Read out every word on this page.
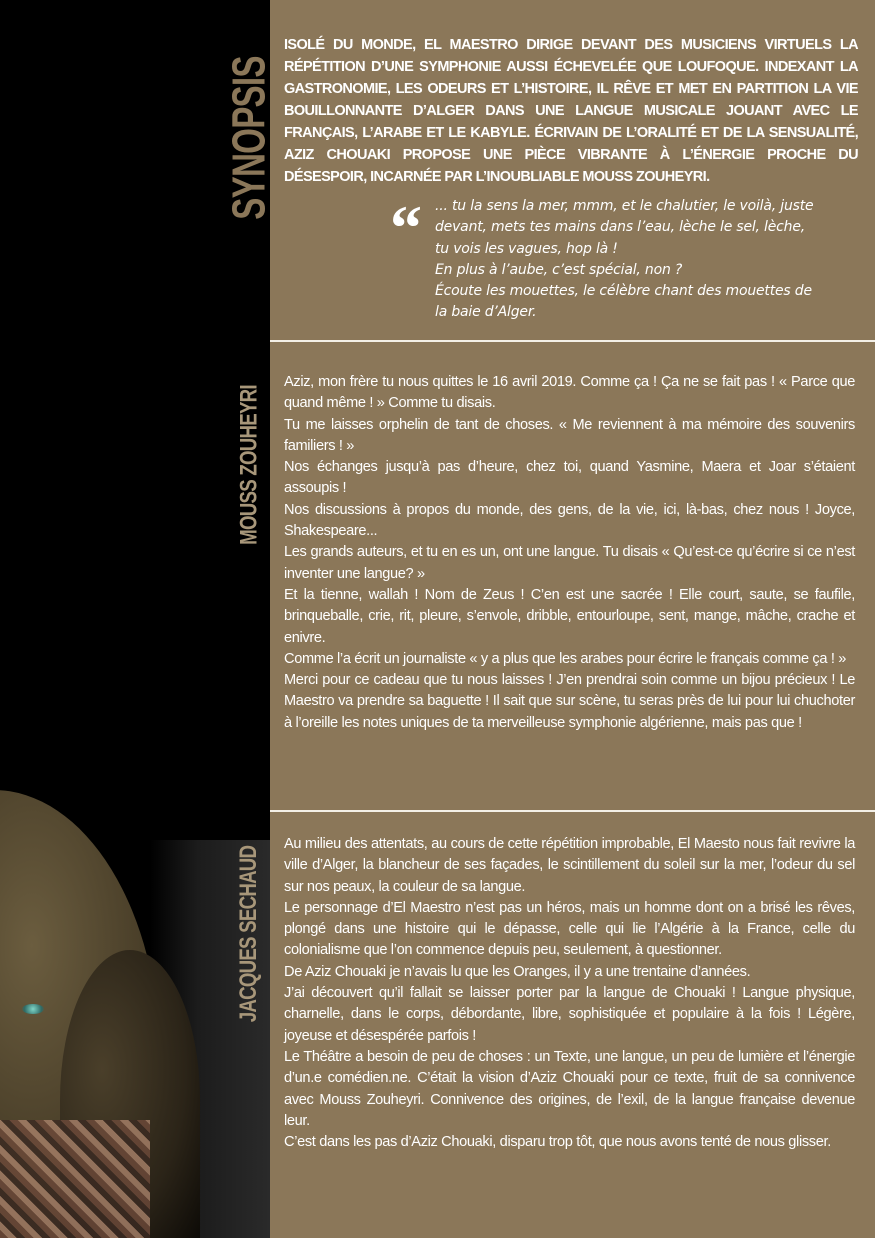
SYNOPSIS
MOUSS ZOUHEYRI
JACQUES SECHAUD
ISOLÉ DU MONDE, EL MAESTRO DIRIGE DEVANT DES MUSICIENS VIRTUELS LA RÉPÉTITION D’UNE SYMPHONIE AUSSI ÉCHEVELÉE QUE LOUFOQUE. INDEXANT LA GASTRONOMIE, LES ODEURS ET L’HISTOIRE, IL RÊVE ET MET EN PARTITION LA VIE BOUILLONNANTE D’ALGER DANS UNE LANGUE MUSICALE JOUANT AVEC LE FRANÇAIS, L’ARABE ET LE KABYLE. ÉCRIVAIN DE L’ORALITÉ ET DE LA SENSUALITÉ, AZIZ CHOUAKI PROPOSE UNE PIÈCE VIBRANTE À L’ÉNERGIE PROCHE DU DÉSESPOIR, INCARNÉE PAR L’INOUBLIABLE MOUSS ZOUHEYRI.
“ ... tu la sens la mer, mmm, et le chalutier, le voilà, juste
devant, mets tes mains dans l’eau, lèche le sel, lèche,
tu vois les vagues, hop là !
En plus à l’aube, c’est spécial, non ?
Écoute les mouettes, le célèbre chant des mouettes de
la baie d’Alger.

Aziz, mon frère tu nous quittes le 16 avril 2019. Comme ça ! Ça ne se fait pas ! « Parce que quand même ! » Comme tu disais.

Tu me laisses orphelin de tant de choses. « Me reviennent à ma mémoire des souvenirs familiers ! »

Nos échanges jusqu’à pas d’heure, chez toi, quand Yasmine, Maera et Joar s’étaient assoupis !

Nos discussions à propos du monde, des gens, de la vie, ici, là-bas, chez nous ! Joyce, Shakespeare...

Les grands auteurs, et tu en es un, ont une langue. Tu disais « Qu’est-ce qu’écrire si ce n’est inventer une langue? »

Et la tienne, wallah ! Nom de Zeus ! C’en est une sacrée ! Elle court, saute, se faufile, brinqueballe, crie, rit, pleure, s’envole, dribble, entourloupe, sent, mange, mâche, crache et enivre.

Comme l’a écrit un journaliste « y a plus que les arabes pour écrire le français comme ça ! »

Merci pour ce cadeau que tu nous laisses ! J’en prendrai soin comme un bijou précieux ! Le Maestro va prendre sa baguette ! Il sait que sur scène, tu seras près de lui pour lui chuchoter à l’oreille les notes uniques de ta merveilleuse symphonie algérienne, mais pas que !

Au milieu des attentats, au cours de cette répétition improbable, El Maesto nous fait revivre la ville d’Alger, la blancheur de ses façades, le scintillement du soleil sur la mer, l’odeur du sel sur nos peaux, la couleur de sa langue.

Le personnage d’El Maestro n’est pas un héros, mais un homme dont on a brisé les rêves, plongé dans une histoire qui le dépasse, celle qui lie l’Algérie à la France, celle du colonialisme que l’on commence depuis peu, seulement, à questionner.

De Aziz Chouaki je n’avais lu que les Oranges, il y a une trentaine d’années.

J’ai découvert qu’il fallait se laisser porter par la langue de Chouaki ! Langue physique, charnelle, dans le corps, débordante, libre, sophistiquée et populaire à la fois ! Légère, joyeuse et désespérée parfois !

Le Théâtre a besoin de peu de choses : un Texte, une langue, un peu de lumière et l’énergie d’un.e comédien.ne. C’était la vision d’Aziz Chouaki pour ce texte, fruit de sa connivence avec Mouss Zouheyri. Connivence des origines, de l’exil, de la langue française devenue leur.

C’est dans les pas d’Aziz Chouaki, disparu trop tôt, que nous avons tenté de nous glisser.
